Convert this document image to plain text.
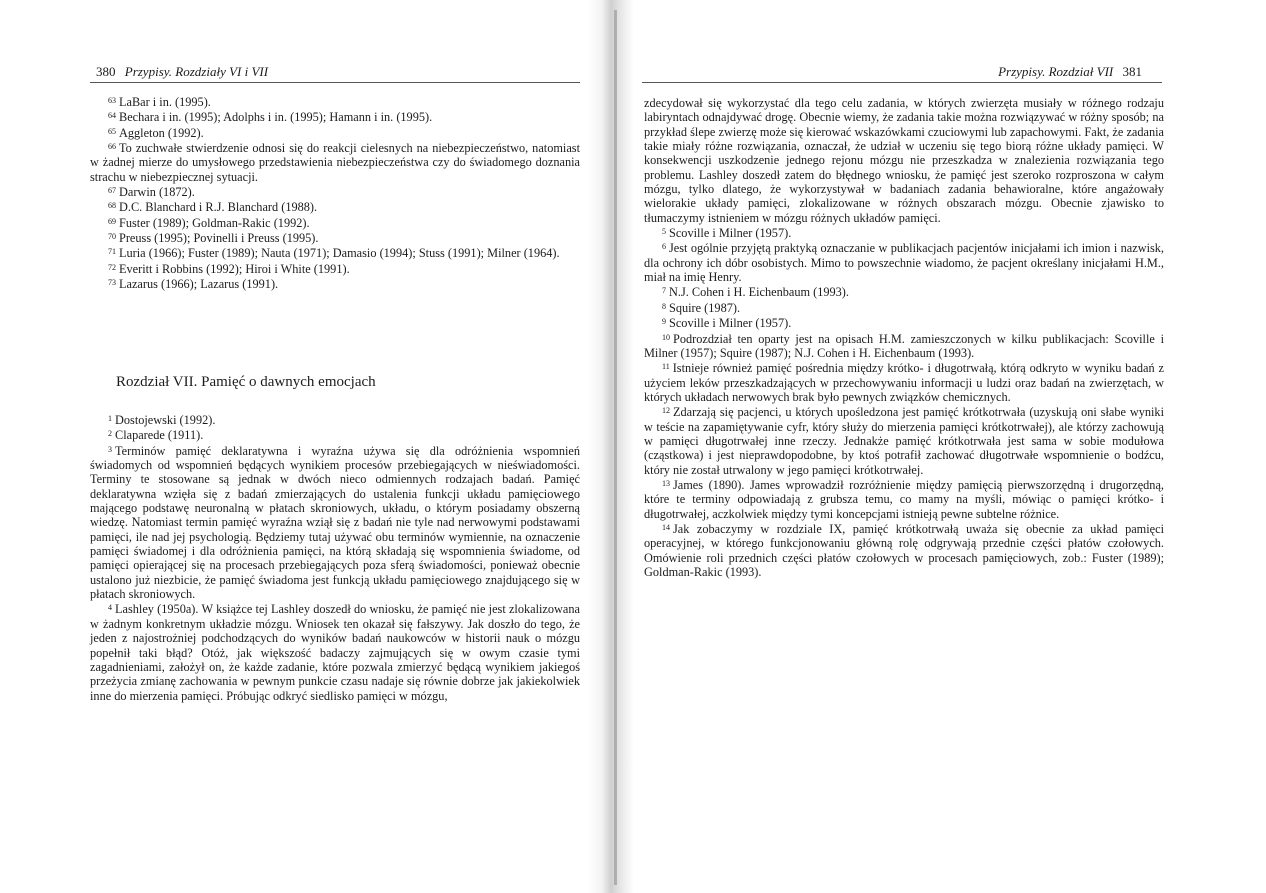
380 Przypisy. Rozdziały VI i VII

$^{63}$ LaBar i in. (1995).

$^{64}$ Bechara i in. (1995); Adolphs i in. (1995); Hamann i in. (1995).

$^{65}$ Aggleton (1992).

$^{66}$ To zuchwałe stwierdzenie odnosi się do reakcji cielesnych na niebezpieczeństwo, natomiast w żadnej mierze do umysłowego przedstawienia niebezpieczeństwa czy do świadomego doznania strachu w niebezpiecznej sytuacji.

$^{67}$ Darwin (1872).

$^{68}$ D.C. Blanchard i R.J. Blanchard (1988).

$^{69}$ Fuster (1989); Goldman-Rakic (1992).

$^{70}$ Preuss (1995); Povinelli i Preuss (1995).

$^{71}$ Luria (1966); Fuster (1989); Nauta (1971); Damasio (1994); Stuss (1991); Milner (1964).

$^{72}$ Everitt i Robbins (1992); Hiroi i White (1991).

$^{73}$ Lazarus (1966); Lazarus (1991).

Rozdział VII. Pamięć o dawnych emocjach

$^1$ Dostojewski (1992).

$^2$ Claparede (1911).

$^3$ Terminów pamięć deklaratywna i wyraźna używa się dla odróżnienia wspomnień świadomych od wspomnień będących wynikiem procesów przebiegających w nieświadomości. Terminy te stosowane są jednak w dwóch nieco odmiennych rodzajach badań. Pamięć deklaratywna wzięła się z badań zmierzających do ustalenia funkcji układu pamięciowego mającego podstawę neuronalną w płatach skroniowych, układu, o którym posiadamy obszerną wiedzę. Natomiast termin pamięć wyraźna wziął się z badań nie tyle nad nerwowymi podstawami pamięci, ile nad jej psychologią. Będziemy tutaj używać obu terminów wymiennie, na oznaczenie pamięci świadomej i dla odróżnienia pamięci, na którą składają się wspomnienia świadome, od pamięci opierającej się na procesach przebiegających poza sferą świadomości, ponieważ obecnie ustalono już niezbicie, że pamięć świadoma jest funkcją układu pamięciowego znajdującego się w płatach skroniowych.

$^4$ Lashley (1950a). W książce tej Lashley doszedł do wniosku, że pamięć nie jest zlokalizowana w żadnym konkretnym układzie mózgu. Wniosek ten okazał się fałszywy. Jak doszło do tego, że jeden z najostrożniej podchodzących do wyników badań naukowców w historii nauk o mózgu popełnił taki błąd? Otóż, jak większość badaczy zajmujących się w owym czasie tymi zagadnieniami, założył on, że każde zadanie, które pozwala zmierzyć będącą wynikiem jakiegoś przeżycia zmianę zachowania w pewnym punkcie czasu nadaje się równie dobrze jak jakiekolwiek inne do mierzenia pamięci. Próbując odkryć siedlisko pamięci w mózgu,

Przypisy. Rozdział VII 381

zdecydował się wykorzystać dla tego celu zadania, w których zwierzęta musiały w różnego rodzaju labiryntach odnajdywać drogę. Obecnie wiemy, że zadania takie można rozwiązywać w różny sposób; na przykład ślepe zwierzę może się kierować wskazówkami czuciowymi lub zapachowymi. Fakt, że zadania takie miały różne rozwiązania, oznaczał, że udział w uczeniu się tego biorą różne układy pamięci. W konsekwencji uszkodzenie jednego rejonu mózgu nie przeszkadza w znalezienia rozwiązania tego problemu. Lashley doszedł zatem do błędnego wniosku, że pamięć jest szeroko rozproszona w całym mózgu, tylko dlatego, że wykorzystywał w badaniach zadania behawioralne, które angażowały wielorakie układy pamięci, zlokalizowane w różnych obszarach mózgu. Obecnie zjawisko to tłumaczymy istnieniem w mózgu różnych układów pamięci.

$^5$ Scoville i Milner (1957).

$^6$ Jest ogólnie przyjętą praktyką oznaczanie w publikacjach pacjentów inicjałami ich imion i nazwisk, dla ochrony ich dóbr osobistych. Mimo to powszechnie wiadomo, że pacjent określany inicjałami H.M., miał na imię Henry.

$^7$ N.J. Cohen i H. Eichenbaum (1993).

$^8$ Squire (1987).

$^9$ Scoville i Milner (1957).

$^{10}$ Podrozdział ten oparty jest na opisach H.M. zamieszczonych w kilku publikacjach: Scoville i Milner (1957); Squire (1987); N.J. Cohen i H. Eichenbaum (1993).

$^{11}$ Istnieje również pamięć pośrednia między krótko- i długotrwałą, którą odkryto w wyniku badań z użyciem leków przeszkadzających w przechowywaniu informacji u ludzi oraz badań na zwierzętach, w których układach nerwowych brak było pewnych związków chemicznych.

$^{12}$ Zdarzają się pacjenci, u których upośledzona jest pamięć krótkotrwała (uzyskują oni słabe wyniki w teście na zapamiętywanie cyfr, który służy do mierzenia pamięci krótkotrwałej), ale którzy zachowują w pamięci długotrwałej inne rzeczy. Jednakże pamięć krótkotrwała jest sama w sobie modułowa (cząstkowa) i jest nieprawdopodobne, by ktoś potrafił zachować długotrwałe wspomnienie o bodźcu, który nie został utrwalony w jego pamięci krótkotrwałej.

$^{13}$ James (1890). James wprowadził rozróżnienie między pamięcią pierwszorzędną i drugorzędną, które te terminy odpowiadają z grubsza temu, co mamy na myśli, mówiąc o pamięci krótko- i długotrwałej, aczkolwiek między tymi koncepcjami istnieją pewne subtelne różnice.

$^{14}$ Jak zobaczymy w rozdziale IX, pamięć krótkotrwałą uważa się obecnie za układ pamięci operacyjnej, w którego funkcjonowaniu główną rolę odgrywają przednie części płatów czołowych. Omówienie roli przednich części płatów czołowych w procesach pamięciowych, zob.: Fuster (1989); Goldman-Rakic (1993).
